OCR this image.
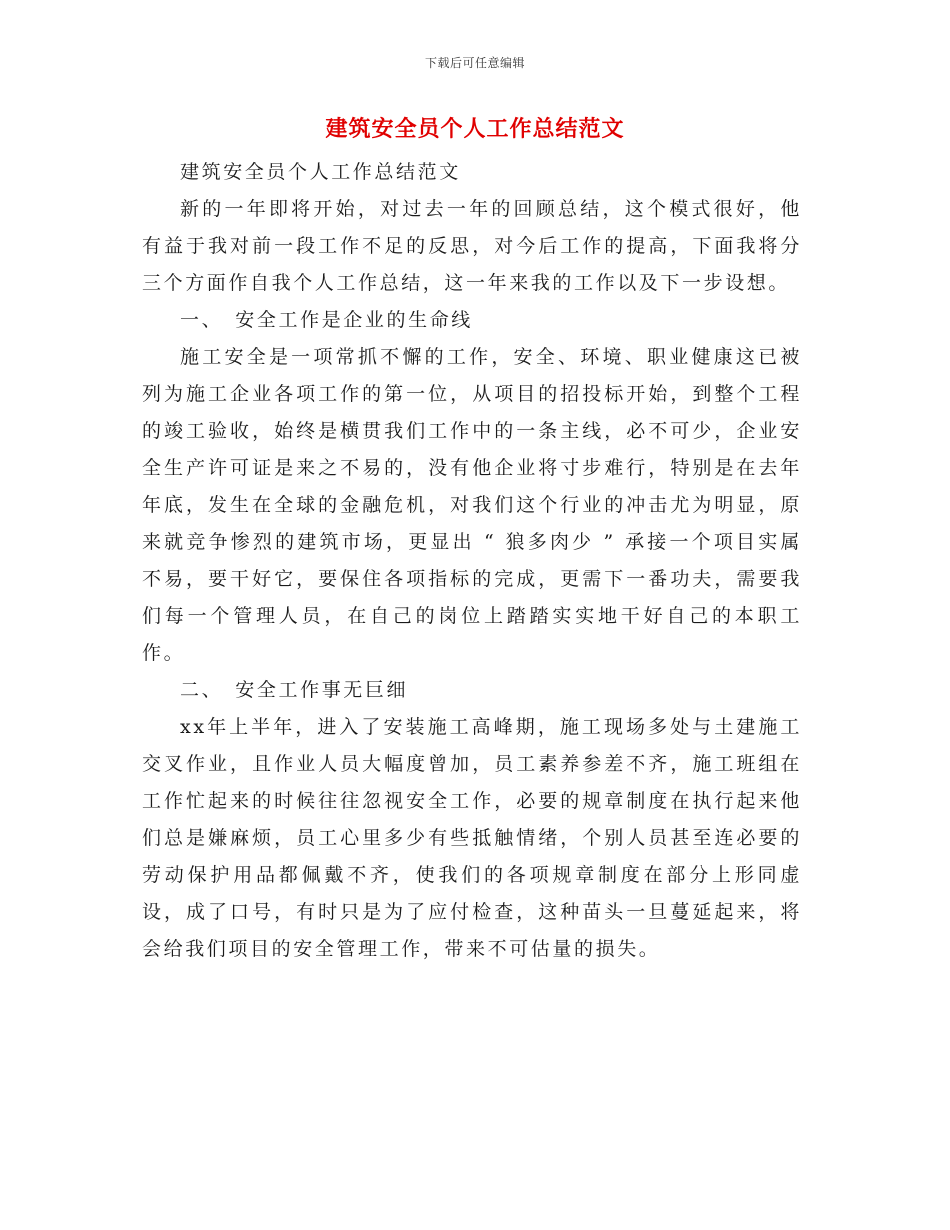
下载后可任意编辑
建筑安全员个人工作总结范文

建筑安全员个人工作总结范文

新的一年即将开始，对过去一年的回顾总结，这个模式很好，他有益于我对前一段工作不足的反思，对今后工作的提高，下面我将分三个方面作自我个人工作总结，这一年来我的工作以及下一步设想。

一、　安全工作是企业的生命线

施工安全是一项常抓不懈的工作，安全、环境、职业健康这已被列为施工企业各项工作的第一位，从项目的招投标开始，到整个工程的竣工验收，始终是横贯我们工作中的一条主线，必不可少，企业安全生产许可证是来之不易的，没有他企业将寸步难行，特别是在去年年底，发生在全球的金融危机，对我们这个行业的冲击尤为明显，原来就竞争惨烈的建筑市场，更显出 “ 狼多肉少 ” 承接一个项目实属不易，要干好它，要保住各项指标的完成，更需下一番功夫，需要我们每一个管理人员，在自己的岗位上踏踏实实地干好自己的本职工作。

二、　安全工作事无巨细

xx年上半年，进入了安装施工高峰期，施工现场多处与土建施工交叉作业，且作业人员大幅度曾加，员工素养参差不齐，施工班组在工作忙起来的时候往往忽视安全工作，必要的规章制度在执行起来他们总是嫌麻烦，员工心里多少有些抵触情绪，个别人员甚至连必要的劳动保护用品都佩戴不齐，使我们的各项规章制度在部分上形同虚设，成了口号，有时只是为了应付检查，这种苗头一旦蔓延起来，将会给我们项目的安全管理工作，带来不可估量的损失。
